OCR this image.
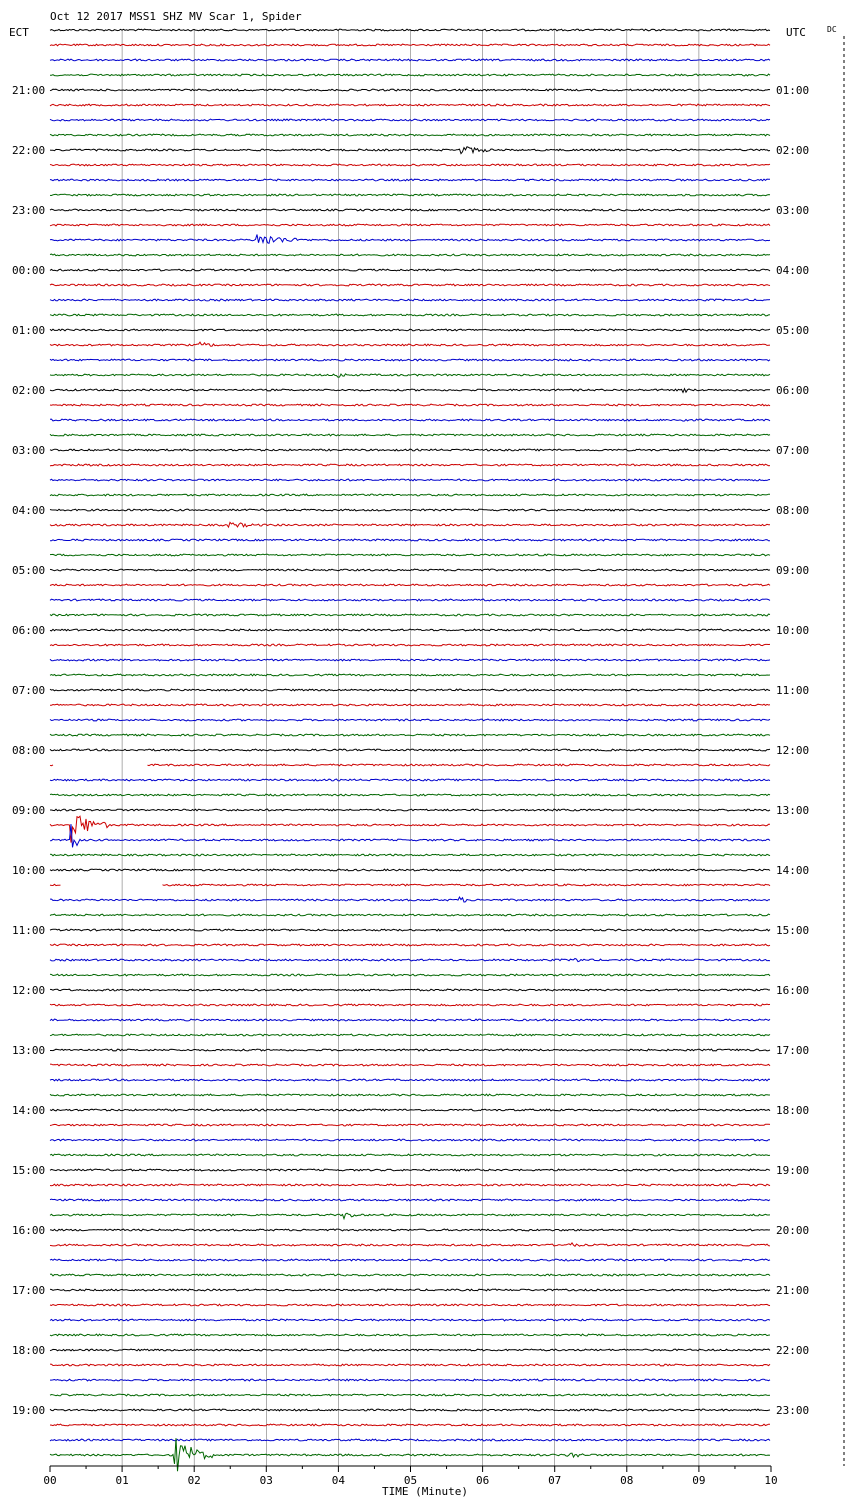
Oct 12 2017 MSS1 SHZ MV Scar 1, Spider
ECT	UTC	DC
21:00
22:00
23:00
00:00
01:00
02:00
03:00
04:00
05:00
06:00
07:00
08:00
09:00
10:00
11:00
12:00
13:00
14:00
15:00
16:00
17:00
18:00
19:00
01:00
02:00
03:00
04:00
05:00
06:00
07:00
08:00
09:00
10:00
11:00
12:00
13:00
14:00
15:00
16:00
17:00
18:00
19:00
20:00
21:00
22:00
23:00
00	01	02	03	04	05	06	07	08	09	10
TIME (Minute)
